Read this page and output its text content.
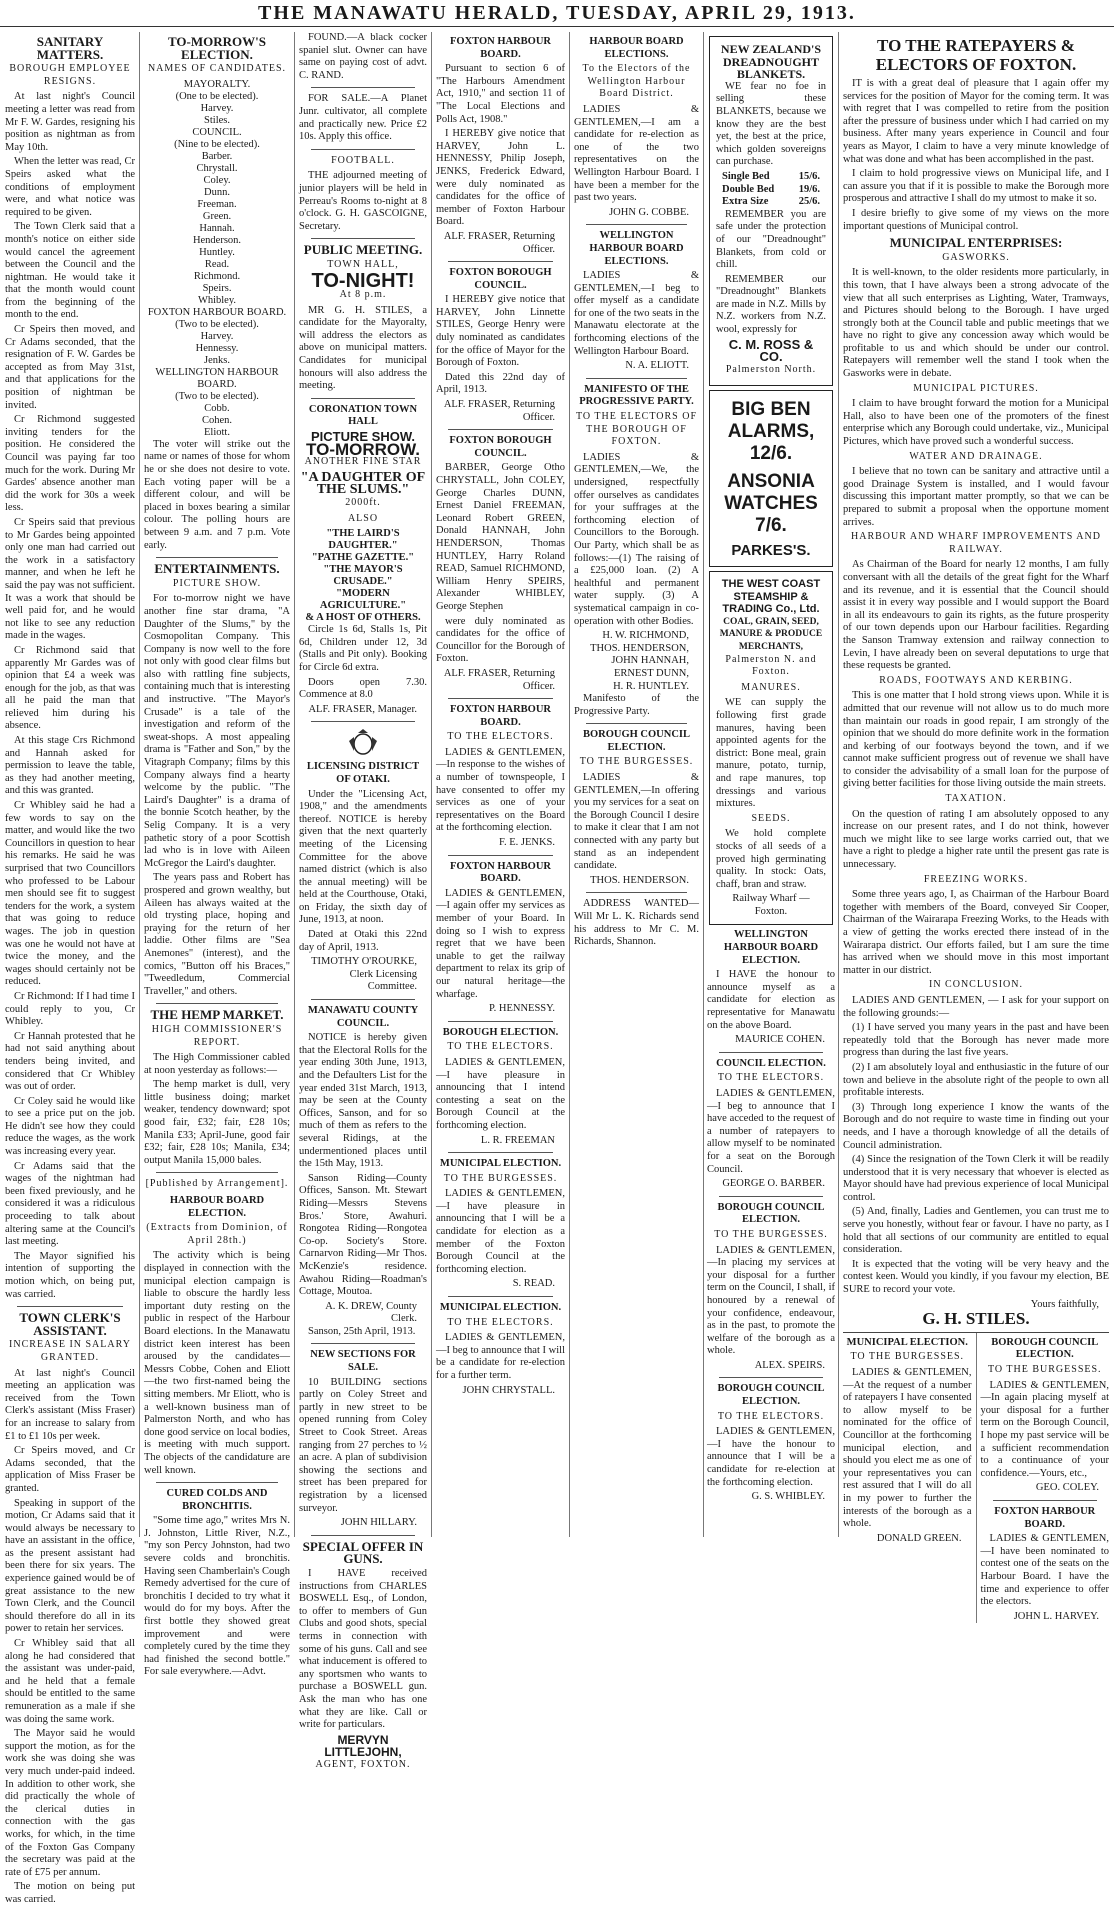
THE MANAWATU HERALD, TUESDAY, APRIL 29, 1913.
SANITARY MATTERS.
BOROUGH EMPLOYEE RESIGNS.

At last night's Council meeting a letter was read from Mr F. W. Gardes, resigning his position as nightman as from May 10th.

When the letter was read, Cr Speirs asked what the conditions of employment were, and what notice was required to be given.

The Town Clerk said that a month's notice on either side would cancel the agreement between the Council and the nightman. He would take it that the month would count from the beginning of the month to the end.

Cr Speirs then moved, and Cr Adams seconded, that the resignation of F. W. Gardes be accepted as from May 31st, and that applications for the position of nightman be invited.

Cr Richmond suggested inviting tenders for the position. He considered the Council was paying far too much for the work. During Mr Gardes' absence another man did the work for 30s a week less.

Cr Speirs said that previous to Mr Gardes being appointed only one man had carried out the work in a satisfactory manner, and when he left he said the pay was not sufficient. It was a work that should be well paid for, and he would not like to see any reduction made in the wages.

Cr Richmond said that apparently Mr Gardes was of opinion that £4 a week was enough for the job, as that was all he paid the man that relieved him during his absence.

At this stage Crs Richmond and Hannah asked for permission to leave the table, as they had another meeting, and this was granted.

Cr Whibley said he had a few words to say on the matter, and would like the two Councillors in question to hear his remarks. He said he was surprised that two Councillors who professed to be Labour men should see fit to suggest tenders for the work, a system that was going to reduce wages. The job in question was one he would not have at twice the money, and the wages should certainly not be reduced.

Cr Richmond: If I had time I could reply to you, Cr Whibley.

Cr Hannah protested that he had not said anything about tenders being invited, and considered that Cr Whibley was out of order.

Cr Coley said he would like to see a price put on the job. He didn't see how they could reduce the wages, as the work was increasing every year.

Cr Adams said that the wages of the nightman had been fixed previously, and he considered it was a ridiculous proceeding to talk about altering same at the Council's last meeting.

The Mayor signified his intention of supporting the motion which, on being put, was carried.

TOWN CLERK'S ASSISTANT.
INCREASE IN SALARY GRANTED.

At last night's Council meeting an application was received from the Town Clerk's assistant (Miss Fraser) for an increase to salary from £1 to £1 10s per week.

Cr Speirs moved, and Cr Adams seconded, that the application of Miss Fraser be granted.

Speaking in support of the motion, Cr Adams said that it would always be necessary to have an assistant in the office, as the present assistant had been there for six years. The experience gained would be of great assistance to the new Town Clerk, and the Council should therefore do all in its power to retain her services.

Cr Whibley said that all along he had considered that the assistant was under-paid, and he held that a female should be entitled to the same remuneration as a male if she was doing the same work.

The Mayor said he would support the motion, as for the work she was doing she was very much under-paid indeed. In addition to other work, she did practically the whole of the clerical duties in connection with the gas works, for which, in the time of the Foxton Gas Company the secretary was paid at the rate of £75 per annum.

The motion on being put was carried.

TO-MORROW'S ELECTION.
NAMES OF CANDIDATES.
MAYORALTY.
(One to be elected).
Harvey.
Stiles.
COUNCIL.
(Nine to be elected).
Barber.
Chrystall.
Coley.
Dunn.
Freeman.
Green.
Hannah.
Henderson.
Huntley.
Read.
Richmond.
Speirs.
Whibley.
FOXTON HARBOUR BOARD.
(Two to be elected).
Harvey.
Hennessy.
Jenks.
WELLINGTON HARBOUR BOARD.
(Two to be elected).
Cobb.
Cohen.
Eliott.

The voter will strike out the name or names of those for whom he or she does not desire to vote. Each voting paper will be a different colour, and will be placed in boxes bearing a similar colour. The polling hours are between 9 a.m. and 7 p.m. Vote early.

ENTERTAINMENTS.
PICTURE SHOW.

For to-morrow night we have another fine star drama, "A Daughter of the Slums," by the Cosmopolitan Company. This Company is now well to the fore not only with good clear films but also with rattling fine subjects, containing much that is interesting and instructive. "The Mayor's Crusade" is a tale of the investigation and reform of the sweat-shops. A most appealing drama is "Father and Son," by the Vitagraph Company; films by this Company always find a hearty welcome by the public. "The Laird's Daughter" is a drama of the bonnie Scotch heather, by the Selig Company. It is a very pathetic story of a poor Scottish lad who is in love with Aileen McGregor the Laird's daughter.

The years pass and Robert has prospered and grown wealthy, but Aileen has always waited at the old trysting place, hoping and praying for the return of her laddie. Other films are "Sea Anemones" (interest), and the comics, "Button off his Braces," "Tweedledum, Commercial Traveller," and others.

THE HEMP MARKET.
HIGH COMMISSIONER'S REPORT.

The High Commissioner cabled at noon yesterday as follows:—

The hemp market is dull, very little business doing; market weaker, tendency downward; spot good fair, £32; fair, £28 10s; Manila £33; April-June, good fair £32; fair, £28 10s; Manila, £34; output Manila 15,000 bales.

[Published by Arrangement].
HARBOUR BOARD ELECTION.
(Extracts from Dominion, of April 28th.)

The activity which is being displayed in connection with the municipal election campaign is liable to obscure the hardly less important duty resting on the public in respect of the Harbour Board elections. In the Manawatu district keen interest has been aroused by the candidates—Messrs Cobbe, Cohen and Eliott—the two first-named being the sitting members. Mr Eliott, who is a well-known business man of Palmerston North, and who has done good service on local bodies, is meeting with much support. The objects of the candidature are well known.

CURED COLDS AND BRONCHITIS.

"Some time ago," writes Mrs N. J. Johnston, Little River, N.Z., "my son Percy Johnston, had two severe colds and bronchitis. Having seen Chamberlain's Cough Remedy advertised for the cure of bronchitis I decided to try what it would do for my boys. After the first bottle they showed great improvement and were completely cured by the time they had finished the second bottle." For sale everywhere.—Advt.

FOUND.—A black cocker spaniel slut. Owner can have same on paying cost of advt. C. RAND.

FOR SALE.—A Planet Junr. cultivator, all complete and practically new. Price £2 10s. Apply this office.

FOOTBALL.

THE adjourned meeting of junior players will be held in Perreau's Rooms to-night at 8 o'clock. G. H. GASCOIGNE, Secretary.

PUBLIC MEETING.
TOWN HALL,
TO-NIGHT!
At 8 p.m.

MR G. H. STILES, a candidate for the Mayoralty, will address the electors as above on municipal matters. Candidates for municipal honours will also address the meeting.

CORONATION TOWN HALL
PICTURE SHOW.
TO-MORROW.
ANOTHER FINE STAR
"A DAUGHTER OF THE SLUMS."
2000ft.
ALSO
"THE LAIRD'S DAUGHTER."
"PATHE GAZETTE."
"THE MAYOR'S CRUSADE."
"MODERN AGRICULTURE."
& A HOST OF OTHERS.

Circle 1s 6d, Stalls 1s, Pit 6d, Children under 12, 3d (Stalls and Pit only). Booking for Circle 6d extra.

Doors open 7.30. Commence at 8.0

ALF. FRASER, Manager.
LICENSING DISTRICT OF OTAKI.

Under the "Licensing Act, 1908," and the amendments thereof. NOTICE is hereby given that the next quarterly meeting of the Licensing Committee for the above named district (which is also the annual meeting) will be held at the Courthouse, Otaki, on Friday, the sixth day of June, 1913, at noon.

Dated at Otaki this 22nd day of April, 1913.

TIMOTHY O'ROURKE, Clerk Licensing Committee.
MANAWATU COUNTY COUNCIL.

NOTICE is hereby given that the Electoral Rolls for the year ending 30th June, 1913, and the Defaulters List for the year ended 31st March, 1913, may be seen at the County Offices, Sanson, and for so much of them as refers to the several Ridings, at the undermentioned places until the 15th May, 1913.

Sanson Riding—County Offices, Sanson. Mt. Stewart Riding—Messrs Stevens Bros.' Store, Awahuri. Rongotea Riding—Rongotea Co-op. Society's Store. Carnarvon Riding—Mr Thos. McKenzie's residence. Awahou Riding—Roadman's Cottage, Moutoa.

A. K. DREW, County Clerk.

Sanson, 25th April, 1913.

NEW SECTIONS FOR SALE.

10 BUILDING sections partly on Coley Street and partly in new street to be opened running from Coley Street to Cook Street. Areas ranging from 27 perches to ½ an acre. A plan of subdivision showing the sections and street has been prepared for registration by a licensed surveyor.

JOHN HILLARY.
SPECIAL OFFER IN GUNS.

I HAVE received instructions from CHARLES BOSWELL Esq., of London, to offer to members of Gun Clubs and good shots, special terms in connection with some of his guns. Call and see what inducement is offered to any sportsmen who wants to purchase a BOSWELL gun. Ask the man who has one what they are like. Call or write for particulars.

MERVYN LITTLEJOHN,
AGENT, FOXTON.
FOXTON HARBOUR BOARD.

Pursuant to section 6 of "The Harbours Amendment Act, 1910," and section 11 of "The Local Elections and Polls Act, 1908."

I HEREBY give notice that HARVEY, John L. HENNESSY, Philip Joseph, JENKS, Frederick Edward, were duly nominated as candidates for the office of member of Foxton Harbour Board.

ALF. FRASER, Returning Officer.
FOXTON BOROUGH COUNCIL.

I HEREBY give notice that HARVEY, John Linnette STILES, George Henry were duly nominated as candidates for the office of Mayor for the Borough of Foxton.

Dated this 22nd day of April, 1913.

ALF. FRASER, Returning Officer.
FOXTON BOROUGH COUNCIL.

BARBER, George Otho CHRYSTALL, John COLEY, George Charles DUNN, Ernest Daniel FREEMAN, Leonard Robert GREEN, Donald HANNAH, John HENDERSON, Thomas HUNTLEY, Harry Roland READ, Samuel RICHMOND, William Henry SPEIRS, Alexander WHIBLEY, George Stephen

were duly nominated as candidates for the office of Councillor for the Borough of Foxton.

ALF. FRASER, Returning Officer.
FOXTON HARBOUR BOARD.
TO THE ELECTORS.

LADIES & GENTLEMEN,—In response to the wishes of a number of townspeople, I have consented to offer my services as one of your representatives on the Board at the forthcoming election.

F. E. JENKS.
FOXTON HARBOUR BOARD.

LADIES & GENTLEMEN,—I again offer my services as member of your Board. In doing so I wish to express regret that we have been unable to get the railway department to relax its grip of our natural heritage—the wharfage.

P. HENNESSY.
BOROUGH ELECTION.
TO THE ELECTORS.

LADIES & GENTLEMEN,—I have pleasure in announcing that I intend contesting a seat on the Borough Council at the forthcoming election.

L. R. FREEMAN
MUNICIPAL ELECTION.
TO THE BURGESSES.

LADIES & GENTLEMEN,—I have pleasure in announcing that I will be a candidate for election as a member of the Foxton Borough Council at the forthcoming election.

S. READ.
MUNICIPAL ELECTION.
TO THE ELECTORS.

LADIES & GENTLEMEN,—I beg to announce that I will be a candidate for re-election for a further term.

JOHN CHRYSTALL.
HARBOUR BOARD ELECTIONS.
To the Electors of the Wellington Harbour Board District.

LADIES & GENTLEMEN,—I am a candidate for re-election as one of the two representatives on the Wellington Harbour Board. I have been a member for the past two years.

JOHN G. COBBE.
WELLINGTON HARBOUR BOARD ELECTIONS.

LADIES & GENTLEMEN,—I beg to offer myself as a candidate for one of the two seats in the Manawatu electorate at the forthcoming elections of the Wellington Harbour Board.

N. A. ELIOTT.
MANIFESTO OF THE PROGRESSIVE PARTY.
TO THE ELECTORS OF THE BOROUGH OF FOXTON.

LADIES & GENTLEMEN,—We, the undersigned, respectfully offer ourselves as candidates for your suffrages at the forthcoming election of Councillors to the Borough. Our Party, which shall be as follows:—(1) The raising of a £25,000 loan. (2) A healthful and permanent water supply. (3) A systematical campaign in co-operation with other Bodies.

H. W. RICHMOND,
THOS. HENDERSON,
JOHN HANNAH,
ERNEST DUNN,
H. R. HUNTLEY.

Manifesto of the Progressive Party.

BOROUGH COUNCIL ELECTION.
TO THE BURGESSES.

LADIES & GENTLEMEN,—In offering you my services for a seat on the Borough Council I desire to make it clear that I am not connected with any party but stand as an independent candidate.

THOS. HENDERSON.

ADDRESS WANTED—Will Mr L. K. Richards send his address to Mr C. M. Richards, Shannon.

NEW ZEALAND'S DREADNOUGHT BLANKETS.

WE fear no foe in selling these BLANKETS, because we know they are the best yet, the best at the price, which golden sovereigns can purchase.

Single Bed	15/6.
Double Bed 19/6.
Extra Size	25/6.

REMEMBER you are safe under the protection of our "Dreadnought" Blankets, from cold or chill.

REMEMBER our "Dreadnought" Blankets are made in N.Z. Mills by N.Z. workers from N.Z. wool, expressly for

C. M. ROSS & CO.
Palmerston North.
BIG BEN ALARMS,
12/6.
ANSONIA WATCHES
7/6.
PARKES'S.
THE WEST COAST STEAMSHIP & TRADING Co., Ltd.
COAL, GRAIN, SEED, MANURE & PRODUCE MERCHANTS,
Palmerston N. and Foxton.
MANURES.

WE can supply the following first grade manures, having been appointed agents for the district: Bone meal, grain manure, potato, turnip, and rape manures, top dressings and various mixtures.

SEEDS.

We hold complete stocks of all seeds of a proved high germinating quality. In stock: Oats, chaff, bran and straw.

Railway Wharf — Foxton.
WELLINGTON HARBOUR BOARD ELECTION.

I HAVE the honour to announce myself as a candidate for election as representative for Manawatu on the above Board.

MAURICE COHEN.
COUNCIL ELECTION.
TO THE ELECTORS.

LADIES & GENTLEMEN,—I beg to announce that I have acceded to the request of a number of ratepayers to allow myself to be nominated for a seat on the Borough Council.

GEORGE O. BARBER.
BOROUGH COUNCIL ELECTION.
TO THE BURGESSES.

LADIES & GENTLEMEN,—In placing my services at your disposal for a further term on the Council, I shall, if honoured by a renewal of your confidence, endeavour, as in the past, to promote the welfare of the borough as a whole.

ALEX. SPEIRS.
BOROUGH COUNCIL ELECTION.
TO THE ELECTORS.

LADIES & GENTLEMEN,—I have the honour to announce that I will be a candidate for re-election at the forthcoming election.

G. S. WHIBLEY.
TO THE RATEPAYERS & ELECTORS OF FOXTON.

IT is with a great deal of pleasure that I again offer my services for the position of Mayor for the coming term. It was with regret that I was compelled to retire from the position after the pressure of business under which I had carried on my business. After many years experience in Council and four years as Mayor, I claim to have a very minute knowledge of what was done and what has been accomplished in the past.

I claim to hold progressive views on Municipal life, and I can assure you that if it is possible to make the Borough more prosperous and attractive I shall do my utmost to make it so.

I desire briefly to give some of my views on the more important questions of Municipal control.

MUNICIPAL ENTERPRISES:
GASWORKS.

It is well-known, to the older residents more particularly, in this town, that I have always been a strong advocate of the view that all such enterprises as Lighting, Water, Tramways, and Pictures should belong to the Borough. I have urged strongly both at the Council table and public meetings that we have no right to give any concession away which would be profitable to us and which should be under our control. Ratepayers will remember well the stand I took when the Gasworks were in debate.

MUNICIPAL PICTURES.

I claim to have brought forward the motion for a Municipal Hall, also to have been one of the promoters of the finest enterprise which any Borough could undertake, viz., Municipal Pictures, which have proved such a wonderful success.

WATER AND DRAINAGE.

I believe that no town can be sanitary and attractive until a good Drainage System is installed, and I would favour discussing this important matter promptly, so that we can be prepared to submit a proposal when the opportune moment arrives.

HARBOUR AND WHARF IMPROVEMENTS AND RAILWAY.

As Chairman of the Board for nearly 12 months, I am fully conversant with all the details of the great fight for the Wharf and its revenue, and it is essential that the Council should assist it in every way possible and I would support the Board in all its endeavours to gain its rights, as the future prosperity of our town depends upon our Harbour facilities. Regarding the Sanson Tramway extension and railway connection to Levin, I have already been on several deputations to urge that these requests be granted.

ROADS, FOOTWAYS AND KERBING.

This is one matter that I hold strong views upon. While it is admitted that our revenue will not allow us to do much more than maintain our roads in good repair, I am strongly of the opinion that we should do more definite work in the formation and kerbing of our footways beyond the town, and if we cannot make sufficient progress out of revenue we shall have to consider the advisability of a small loan for the purpose of giving better facilities for those living outside the main streets.

TAXATION.

On the question of rating I am absolutely opposed to any increase on our present rates, and I do not think, however much we might like to see large works carried out, that we have a right to pledge a higher rate until the present gas rate is unnecessary.

FREEZING WORKS.

Some three years ago, I, as Chairman of the Harbour Board together with members of the Board, conveyed Sir Cooper, Chairman of the Wairarapa Freezing Works, to the Heads with a view of getting the works erected there instead of in the Wairarapa district. Our efforts failed, but I am sure the time has arrived when we should move in this most important matter in our district.

IN CONCLUSION.

LADIES AND GENTLEMEN, — I ask for your support on the following grounds:—

(1) I have served you many years in the past and have been repeatedly told that the Borough has never made more progress than during the last five years.

(2) I am absolutely loyal and enthusiastic in the future of our town and believe in the absolute right of the people to own all profitable interests.

(3) Through long experience I know the wants of the Borough and do not require to waste time in finding out your needs, and I have a thorough knowledge of all the details of Council administration.

(4) Since the resignation of the Town Clerk it will be readily understood that it is very necessary that whoever is elected as Mayor should have had previous experience of local Municipal control.

(5) And, finally, Ladies and Gentlemen, you can trust me to serve you honestly, without fear or favour. I have no party, as I hold that all sections of our community are entitled to equal consideration.

It is expected that the voting will be very heavy and the contest keen. Would you kindly, if you favour my election, BE SURE to record your vote.

Yours faithfully,
G. H. STILES.
MUNICIPAL ELECTION.
TO THE BURGESSES.

LADIES & GENTLEMEN,—At the request of a number of ratepayers I have consented to allow myself to be nominated for the office of Councillor at the forthcoming municipal election, and should you elect me as one of your representatives you can rest assured that I will do all in my power to further the interests of the borough as a whole.

DONALD GREEN.
BOROUGH COUNCIL ELECTION.
TO THE BURGESSES.

LADIES & GENTLEMEN,—In again placing myself at your disposal for a further term on the Borough Council, I hope my past service will be a sufficient recommendation to a continuance of your confidence.—Yours, etc.,

GEO. COLEY.
FOXTON HARBOUR BOARD.

LADIES & GENTLEMEN,—I have been nominated to contest one of the seats on the Harbour Board. I have the time and experience to offer the electors.

JOHN L. HARVEY.
